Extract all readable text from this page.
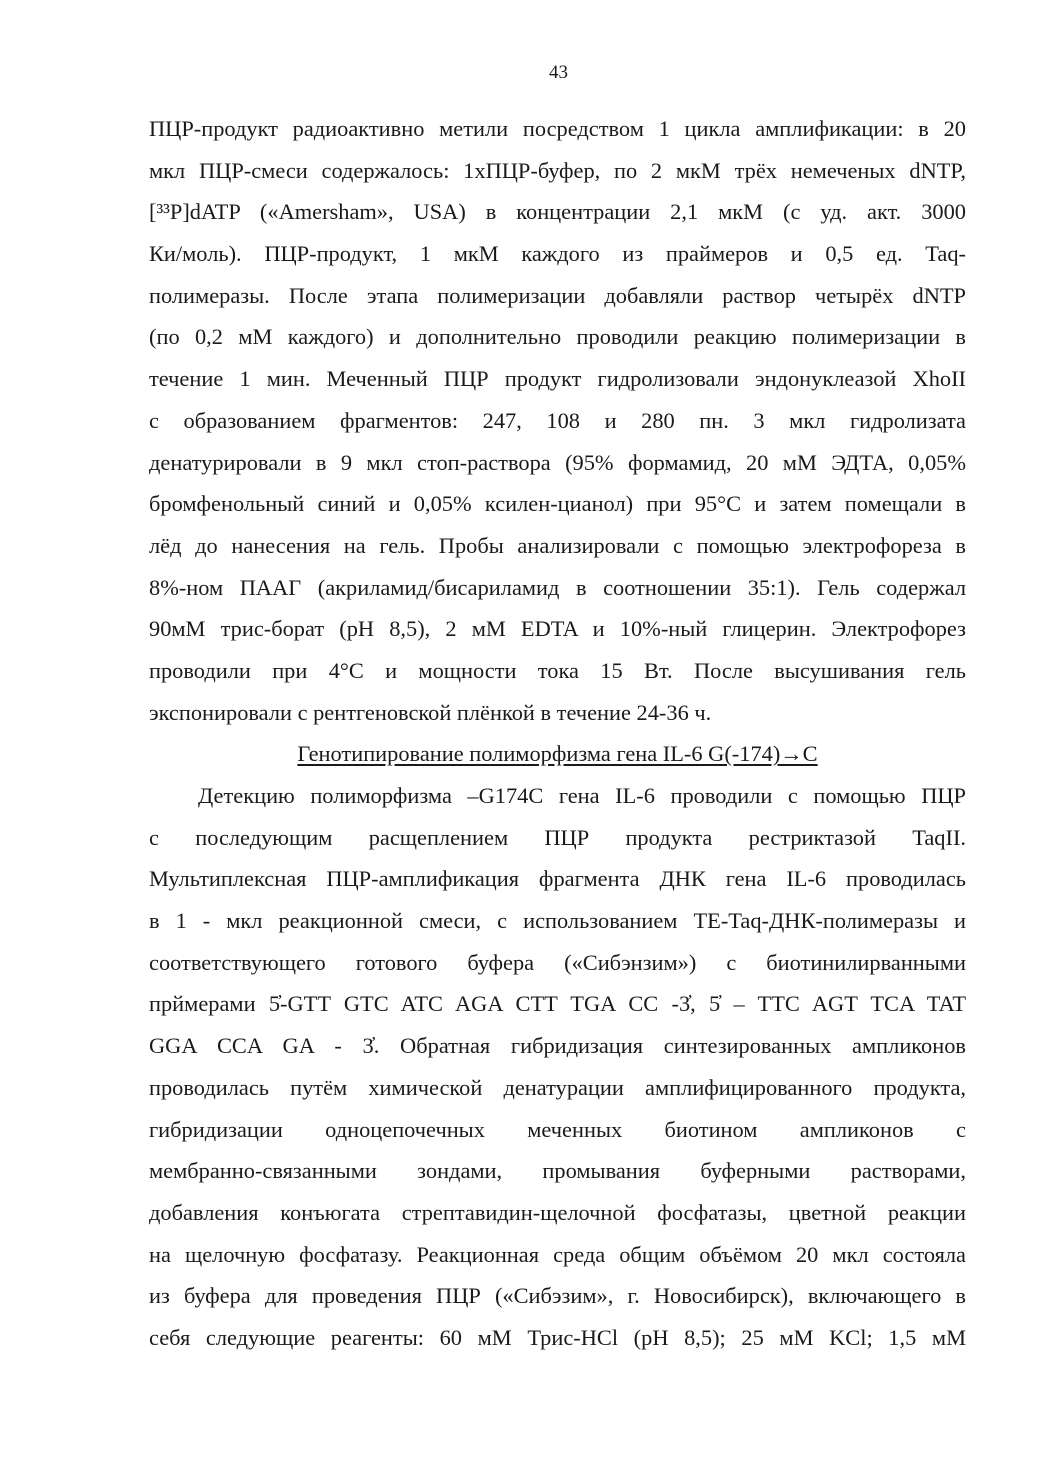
43
ПЦР-продукт радиоактивно метили посредством 1 цикла амплификации: в 20
мкл ПЦР-смеси содержалось: 1хПЦР-буфер, по 2 мкМ трёх немеченых dNTP,
[³³P]dATP («Amersham», USA) в концентрации 2,1 мкМ (с уд. акт. 3000
Ки/моль). ПЦР-продукт, 1 мкМ каждого из праймеров и 0,5 ед. Taq-
полимеразы. После этапа полимеризации добавляли раствор четырёх dNTP
(по 0,2 мМ каждого) и дополнительно проводили реакцию полимеризации в
течение 1 мин. Меченный ПЦР продукт гидролизовали эндонуклеазой XhoII
с образованием фрагментов: 247, 108 и 280 пн. 3 мкл гидролизата
денатурировали в 9 мкл стоп-раствора (95% формамид, 20 мМ ЭДТА, 0,05%
бромфенольный синий и 0,05% ксилен-цианол) при 95°С и затем помещали в
лёд до нанесения на гель. Пробы анализировали с помощью электрофореза в
8%-ном ПААГ (акриламид/бисариламид в соотношении 35:1). Гель содержал
90мМ трис-борат (pH 8,5), 2 мМ EDTA и 10%-ный глицерин. Электрофорез
проводили при 4°С и мощности тока 15 Вт. После высушивания гель
экспонировали с рентгеновской плёнкой в течение 24-36 ч.
Генотипирование полиморфизма гена IL-6 G(-174)→C
Детекцию полиморфизма –G174C гена IL-6 проводили с помощью ПЦР
с последующим расщеплением ПЦР продукта рестриктазой TaqII.
Мультиплексная ПЦР-амплификация фрагмента ДНК гена IL-6 проводилась
в 1 - мкл реакционной смеси, с использованием ТЕ-Taq-ДНК-полимеразы и
соответствующего готового буфера («Сибэнзим») с биотинилирванными
прймерами 5̓-GTT GTC ATC AGA CTT TGA CC -3̓, 5̓ – TTC AGT TCA TAT
GGA CCA GA - 3̓. Обратная гибридизация синтезированных ампликонов
проводилась путём химической денатурации амплифицированного продукта,
гибридизации одноцепочечных меченных биотином ампликонов с
мембранно-связанными зондами, промывания буферными растворами,
добавления конъюгата стрептавидин-щелочной фосфатазы, цветной реакции
на щелочную фосфатазу. Реакционная среда общим объёмом 20 мкл состояла
из буфера для проведения ПЦР («Сибэзим», г. Новосибирск), включающего в
себя следующие реагенты: 60 мМ Трис-HCl (pH 8,5); 25 мМ KCl; 1,5 мМ
